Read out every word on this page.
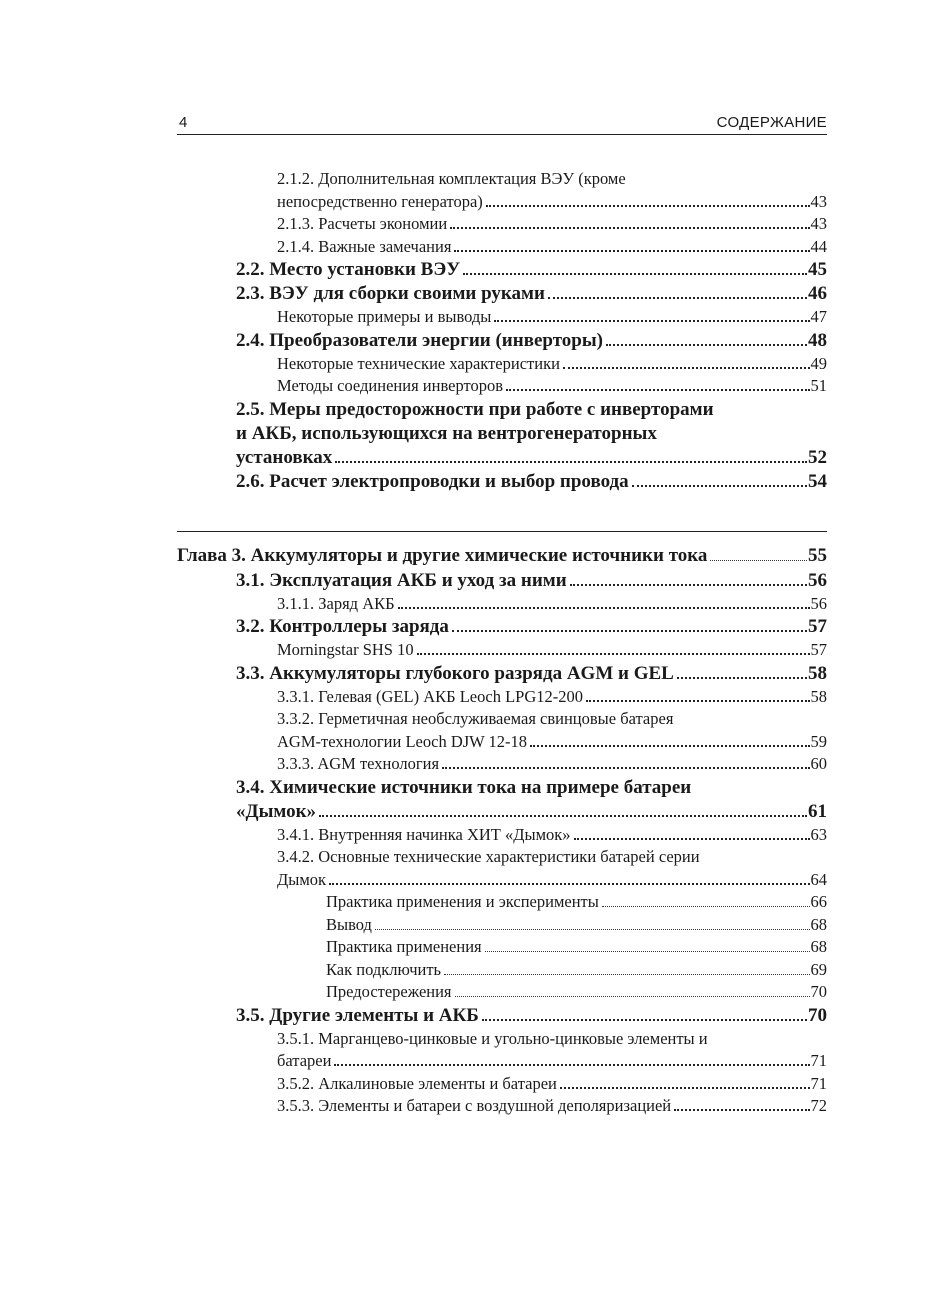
4	СОДЕРЖАНИЕ
2.1.2. Дополнительная комплектация ВЭУ (кроме
непосредственно генератора)	43
2.1.3. Расчеты экономии	43
2.1.4. Важные замечания	44
2.2. Место установки ВЭУ	45
2.3. ВЭУ для сборки своими руками	46
Некоторые примеры и выводы	47
2.4. Преобразователи энергии (инверторы)	48
Некоторые технические характеристики	49
Методы соединения инверторов	51
2.5. Меры предосторожности при работе с инверторами
и АКБ, использующихся на вентрогенераторных
установках	52
2.6. Расчет электропроводки и выбор провода	54
Глава 3. Аккумуляторы и другие химические источники тока	55
3.1. Эксплуатация АКБ и уход за ними	56
3.1.1. Заряд АКБ	56
3.2. Контроллеры заряда	57
Morningstar SHS 10	57
3.3. Аккумуляторы глубокого разряда AGM и GEL	58
3.3.1. Гелевая (GEL) АКБ Leoch LPG12-200	58
3.3.2. Герметичная необслуживаемая свинцовые батарея
AGM-технологии Leoch DJW 12-18	59
3.3.3. AGM технология	60
3.4. Химические источники тока на примере батареи
«Дымок»	61
3.4.1. Внутренняя начинка ХИТ «Дымок»	63
3.4.2. Основные технические характеристики батарей серии
Дымок	64
Практика применения и эксперименты	66
Вывод	68
Практика применения	68
Как подключить	69
Предостережения	70
3.5. Другие элементы и АКБ	70
3.5.1. Марганцево-цинковые и угольно-цинковые элементы и
батареи	71
3.5.2. Алкалиновые элементы и батареи	71
3.5.3. Элементы и батареи с воздушной деполяризацией	72
